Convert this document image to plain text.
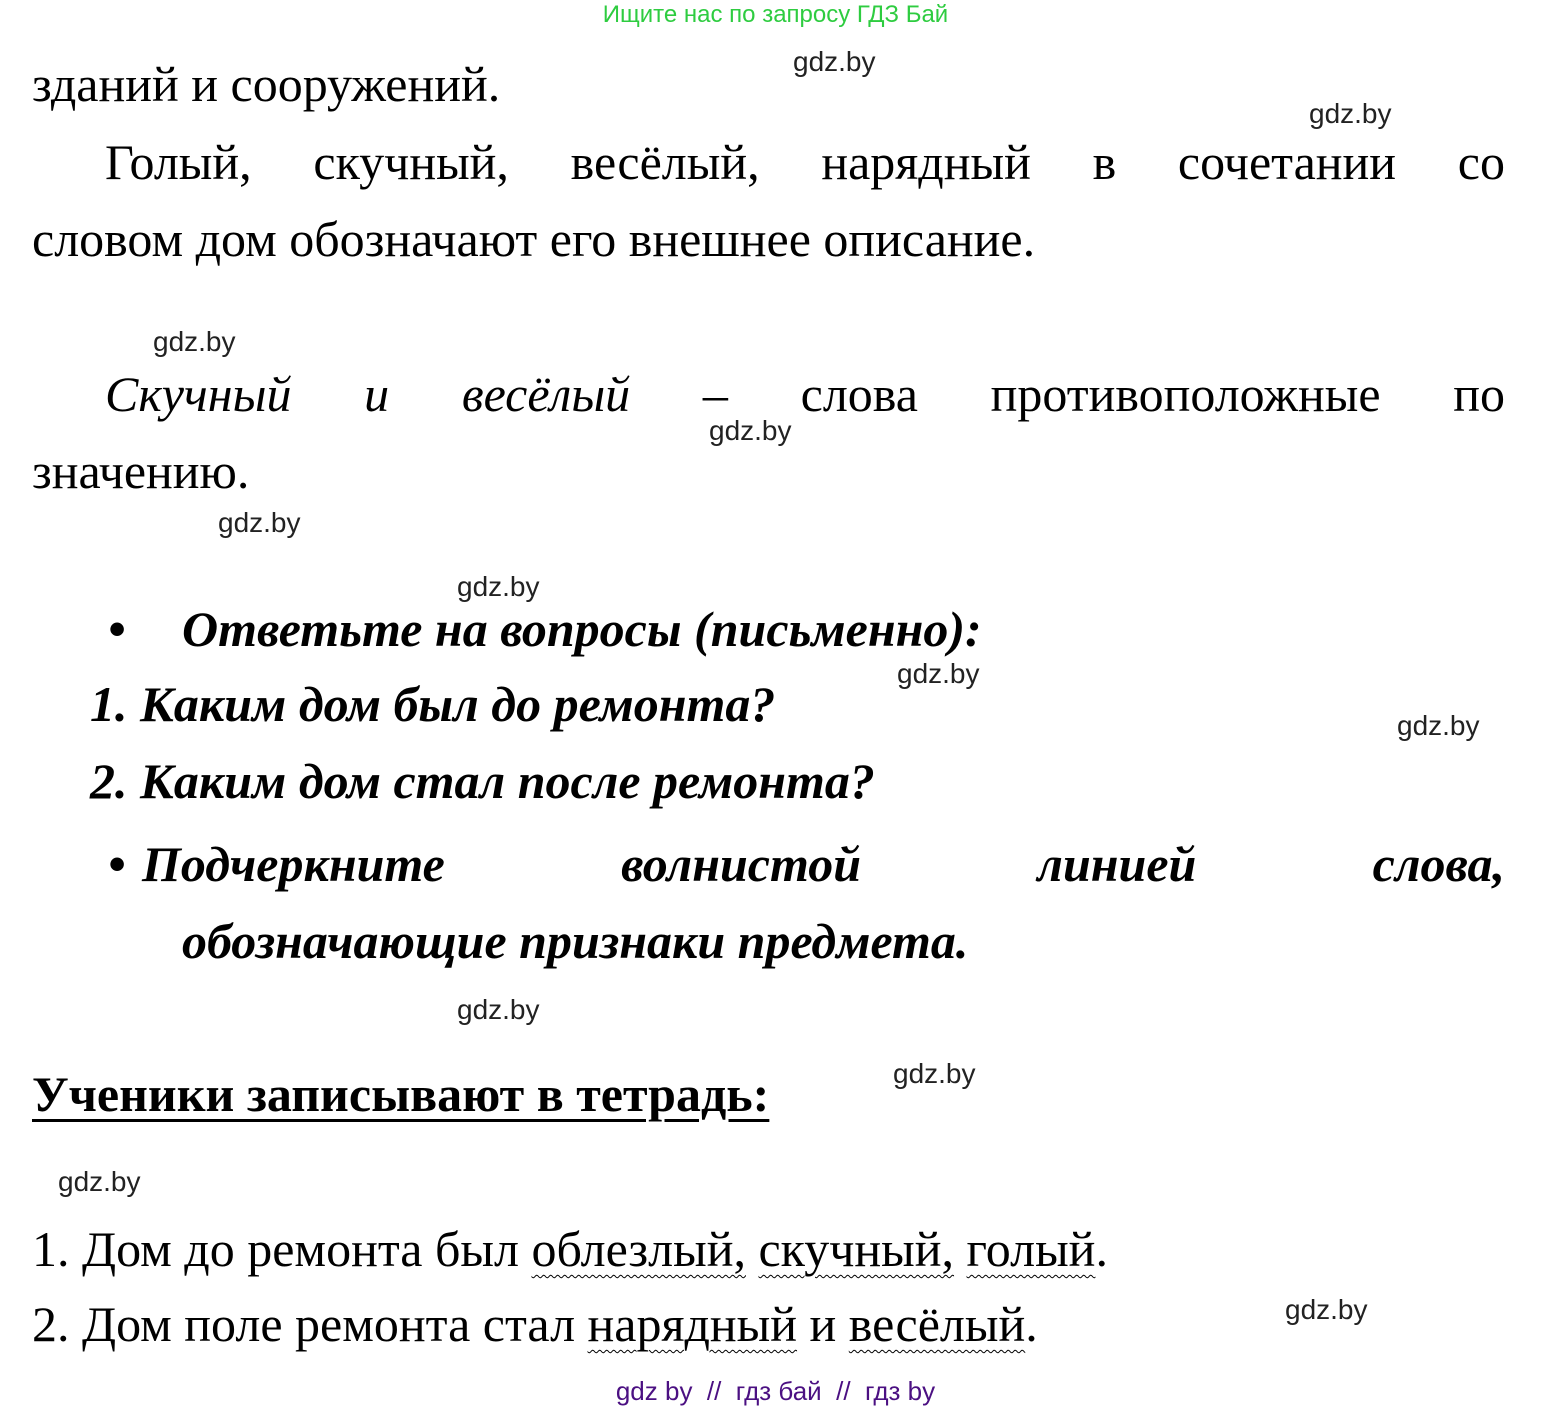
Ищите нас по запросу ГДЗ Бай
зданий и сооружений.
Голый, скучный, весёлый, нарядный в сочетании со
словом дом обозначают его внешнее описание.
Скучный и весёлый – слова противоположные по
значению.
• Ответьте на вопросы (письменно):
1. Каким дом был до ремонта?
2. Каким дом стал после ремонта?
• Подчеркните волнистой линией слова,
обозначающие признаки предмета.
Ученики записывают в тетрадь:
1. Дом до ремонта был облезлый, скучный, голый.
2. Дом поле ремонта стал нарядный и весёлый.
gdz.by
gdz.by
gdz.by
gdz.by
gdz.by
gdz.by
gdz.by
gdz.by
gdz.by
gdz.by
gdz.by
gdz.by
gdz by  //  гдз бай  //  гдз by
